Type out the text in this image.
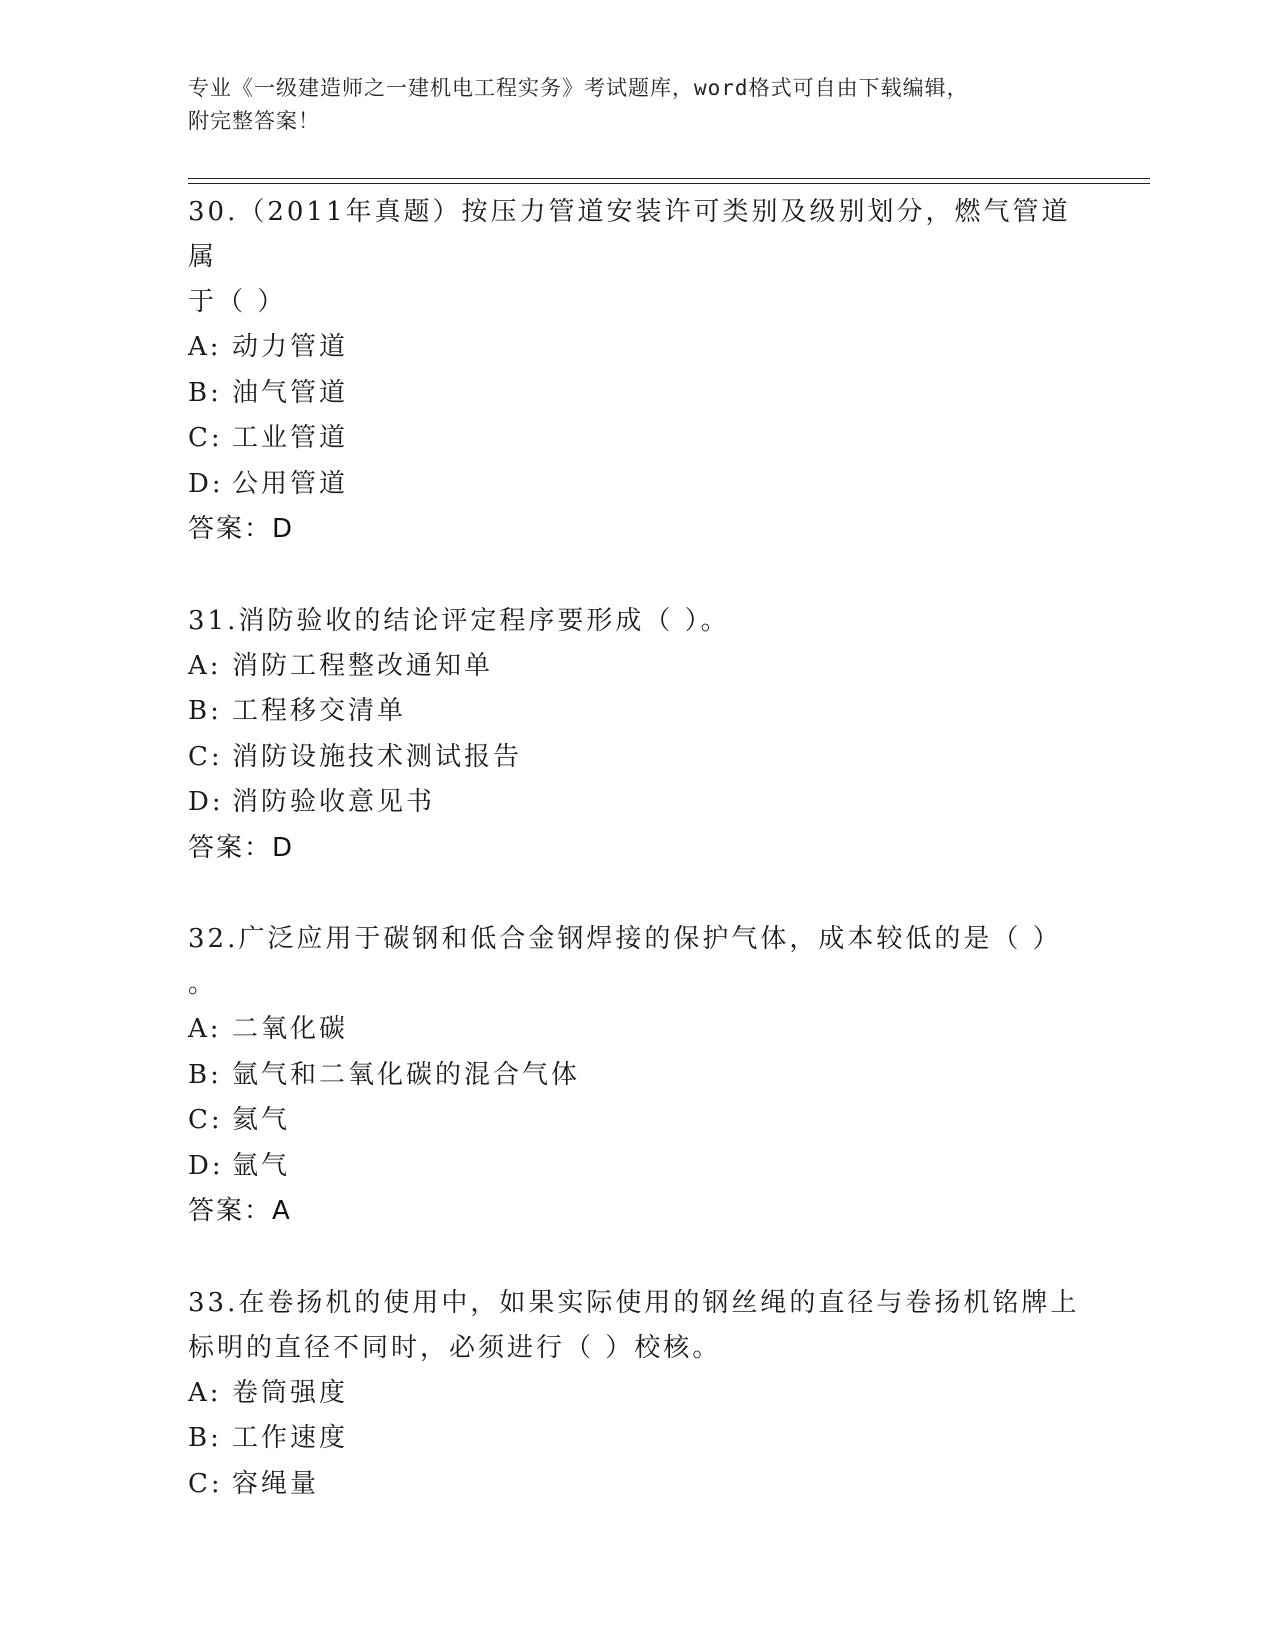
专业《一级建造师之一建机电工程实务》考试题库，word格式可自由下载编辑，
附完整答案！
30.（2011年真题）按压力管道安装许可类别及级别划分，燃气管道属
于（ ）
A: 动力管道
B: 油气管道
C: 工业管道
D: 公用管道
答案：D
31.消防验收的结论评定程序要形成（ ）。
A: 消防工程整改通知单
B: 工程移交清单
C: 消防设施技术测试报告
D: 消防验收意见书
答案：D
32.广泛应用于碳钢和低合金钢焊接的保护气体，成本较低的是（ ）
。
A: 二氧化碳
B: 氩气和二氧化碳的混合气体
C: 氦气
D: 氩气
答案：A
33.在卷扬机的使用中，如果实际使用的钢丝绳的直径与卷扬机铭牌上
标明的直径不同时，必须进行（ ）校核。
A: 卷筒强度
B: 工作速度
C: 容绳量
